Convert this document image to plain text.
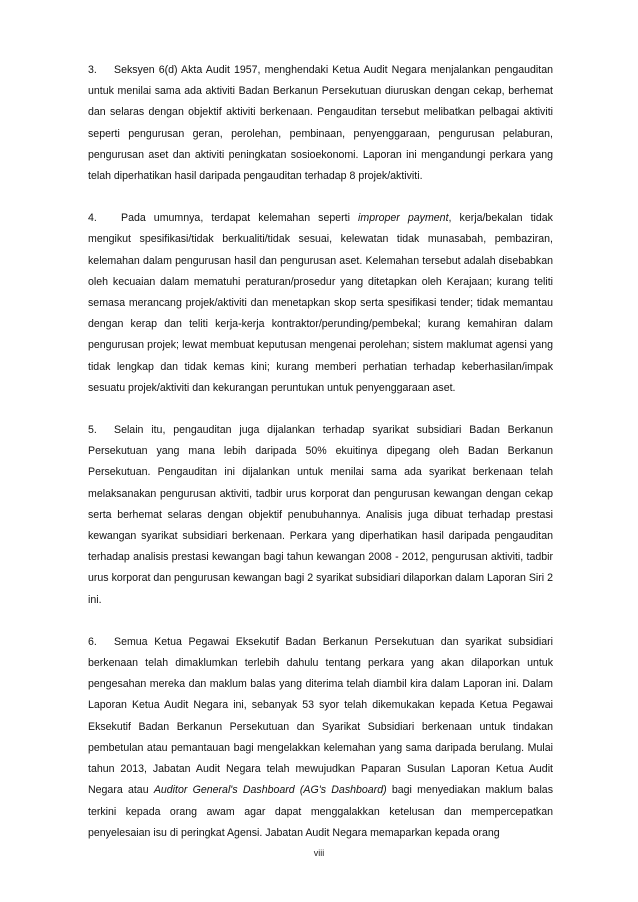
3. Seksyen 6(d) Akta Audit 1957, menghendaki Ketua Audit Negara menjalankan pengauditan untuk menilai sama ada aktiviti Badan Berkanun Persekutuan diuruskan dengan cekap, berhemat dan selaras dengan objektif aktiviti berkenaan. Pengauditan tersebut melibatkan pelbagai aktiviti seperti pengurusan geran, perolehan, pembinaan, penyenggaraan, pengurusan pelaburan, pengurusan aset dan aktiviti peningkatan sosioekonomi. Laporan ini mengandungi perkara yang telah diperhatikan hasil daripada pengauditan terhadap 8 projek/aktiviti.

4. Pada umumnya, terdapat kelemahan seperti improper payment, kerja/bekalan tidak mengikut spesifikasi/tidak berkualiti/tidak sesuai, kelewatan tidak munasabah, pembaziran, kelemahan dalam pengurusan hasil dan pengurusan aset. Kelemahan tersebut adalah disebabkan oleh kecuaian dalam mematuhi peraturan/prosedur yang ditetapkan oleh Kerajaan; kurang teliti semasa merancang projek/aktiviti dan menetapkan skop serta spesifikasi tender; tidak memantau dengan kerap dan teliti kerja-kerja kontraktor/perunding/pembekal; kurang kemahiran dalam pengurusan projek; lewat membuat keputusan mengenai perolehan; sistem maklumat agensi yang tidak lengkap dan tidak kemas kini; kurang memberi perhatian terhadap keberhasilan/impak sesuatu projek/aktiviti dan kekurangan peruntukan untuk penyenggaraan aset.

5. Selain itu, pengauditan juga dijalankan terhadap syarikat subsidiari Badan Berkanun Persekutuan yang mana lebih daripada 50% ekuitinya dipegang oleh Badan Berkanun Persekutuan. Pengauditan ini dijalankan untuk menilai sama ada syarikat berkenaan telah melaksanakan pengurusan aktiviti, tadbir urus korporat dan pengurusan kewangan dengan cekap serta berhemat selaras dengan objektif penubuhannya. Analisis juga dibuat terhadap prestasi kewangan syarikat subsidiari berkenaan. Perkara yang diperhatikan hasil daripada pengauditan terhadap analisis prestasi kewangan bagi tahun kewangan 2008 - 2012, pengurusan aktiviti, tadbir urus korporat dan pengurusan kewangan bagi 2 syarikat subsidiari dilaporkan dalam Laporan Siri 2 ini.

6. Semua Ketua Pegawai Eksekutif Badan Berkanun Persekutuan dan syarikat subsidiari berkenaan telah dimaklumkan terlebih dahulu tentang perkara yang akan dilaporkan untuk pengesahan mereka dan maklum balas yang diterima telah diambil kira dalam Laporan ini. Dalam Laporan Ketua Audit Negara ini, sebanyak 53 syor telah dikemukakan kepada Ketua Pegawai Eksekutif Badan Berkanun Persekutuan dan Syarikat Subsidiari berkenaan untuk tindakan pembetulan atau pemantauan bagi mengelakkan kelemahan yang sama daripada berulang. Mulai tahun 2013, Jabatan Audit Negara telah mewujudkan Paparan Susulan Laporan Ketua Audit Negara atau Auditor General's Dashboard (AG's Dashboard) bagi menyediakan maklum balas terkini kepada orang awam agar dapat menggalakkan ketelusan dan mempercepatkan penyelesaian isu di peringkat Agensi. Jabatan Audit Negara memaparkan kepada orang

viii
